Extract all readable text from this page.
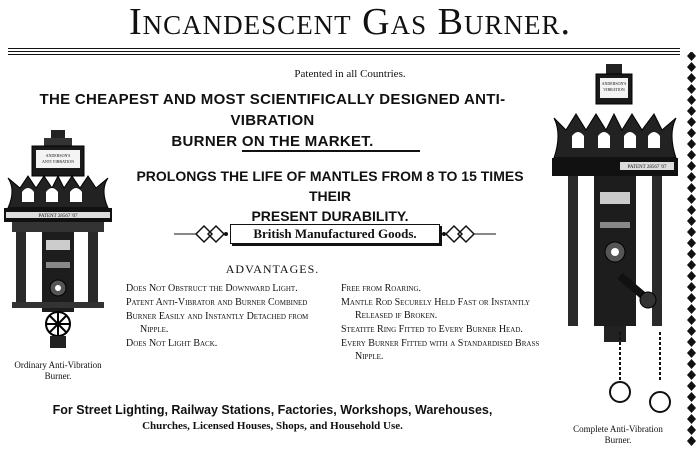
Incandescent Gas Burner.
Patented in all Countries.
THE CHEAPEST AND MOST SCIENTIFICALLY DESIGNED ANTI-VIBRATION
BURNER ON THE MARKET.
PROLONGS THE LIFE OF MANTLES FROM 8 TO 15 TIMES THEIR
PRESENT DURABILITY.
British Manufactured Goods.
ADVANTAGES.
Does Not Obstruct the Downward Light.
Patent Anti-Vibrator and Burner Combined
Burner Easily and Instantly Detached from Nipple.
Does Not Light Back.
Free from Roaring.
Mantle Rod Securely Held Fast or Instantly Released if Broken.
Steatite Ring Fitted to Every Burner Head.
Every Burner Fitted with a Standardised Brass Nipple.
For Street Lighting, Railway Stations, Factories, Workshops, Warehouses,
Churches, Licensed Houses, Shops, and Household Use.
ANDERSON'S
ANTI VIBRATION
PATENT 28567 '07
Ordinary Anti-Vibration
Burner.
ANDERSON'S
VIBRATION
PATENT 28567 '07
Complete Anti-Vibration
Burner.
